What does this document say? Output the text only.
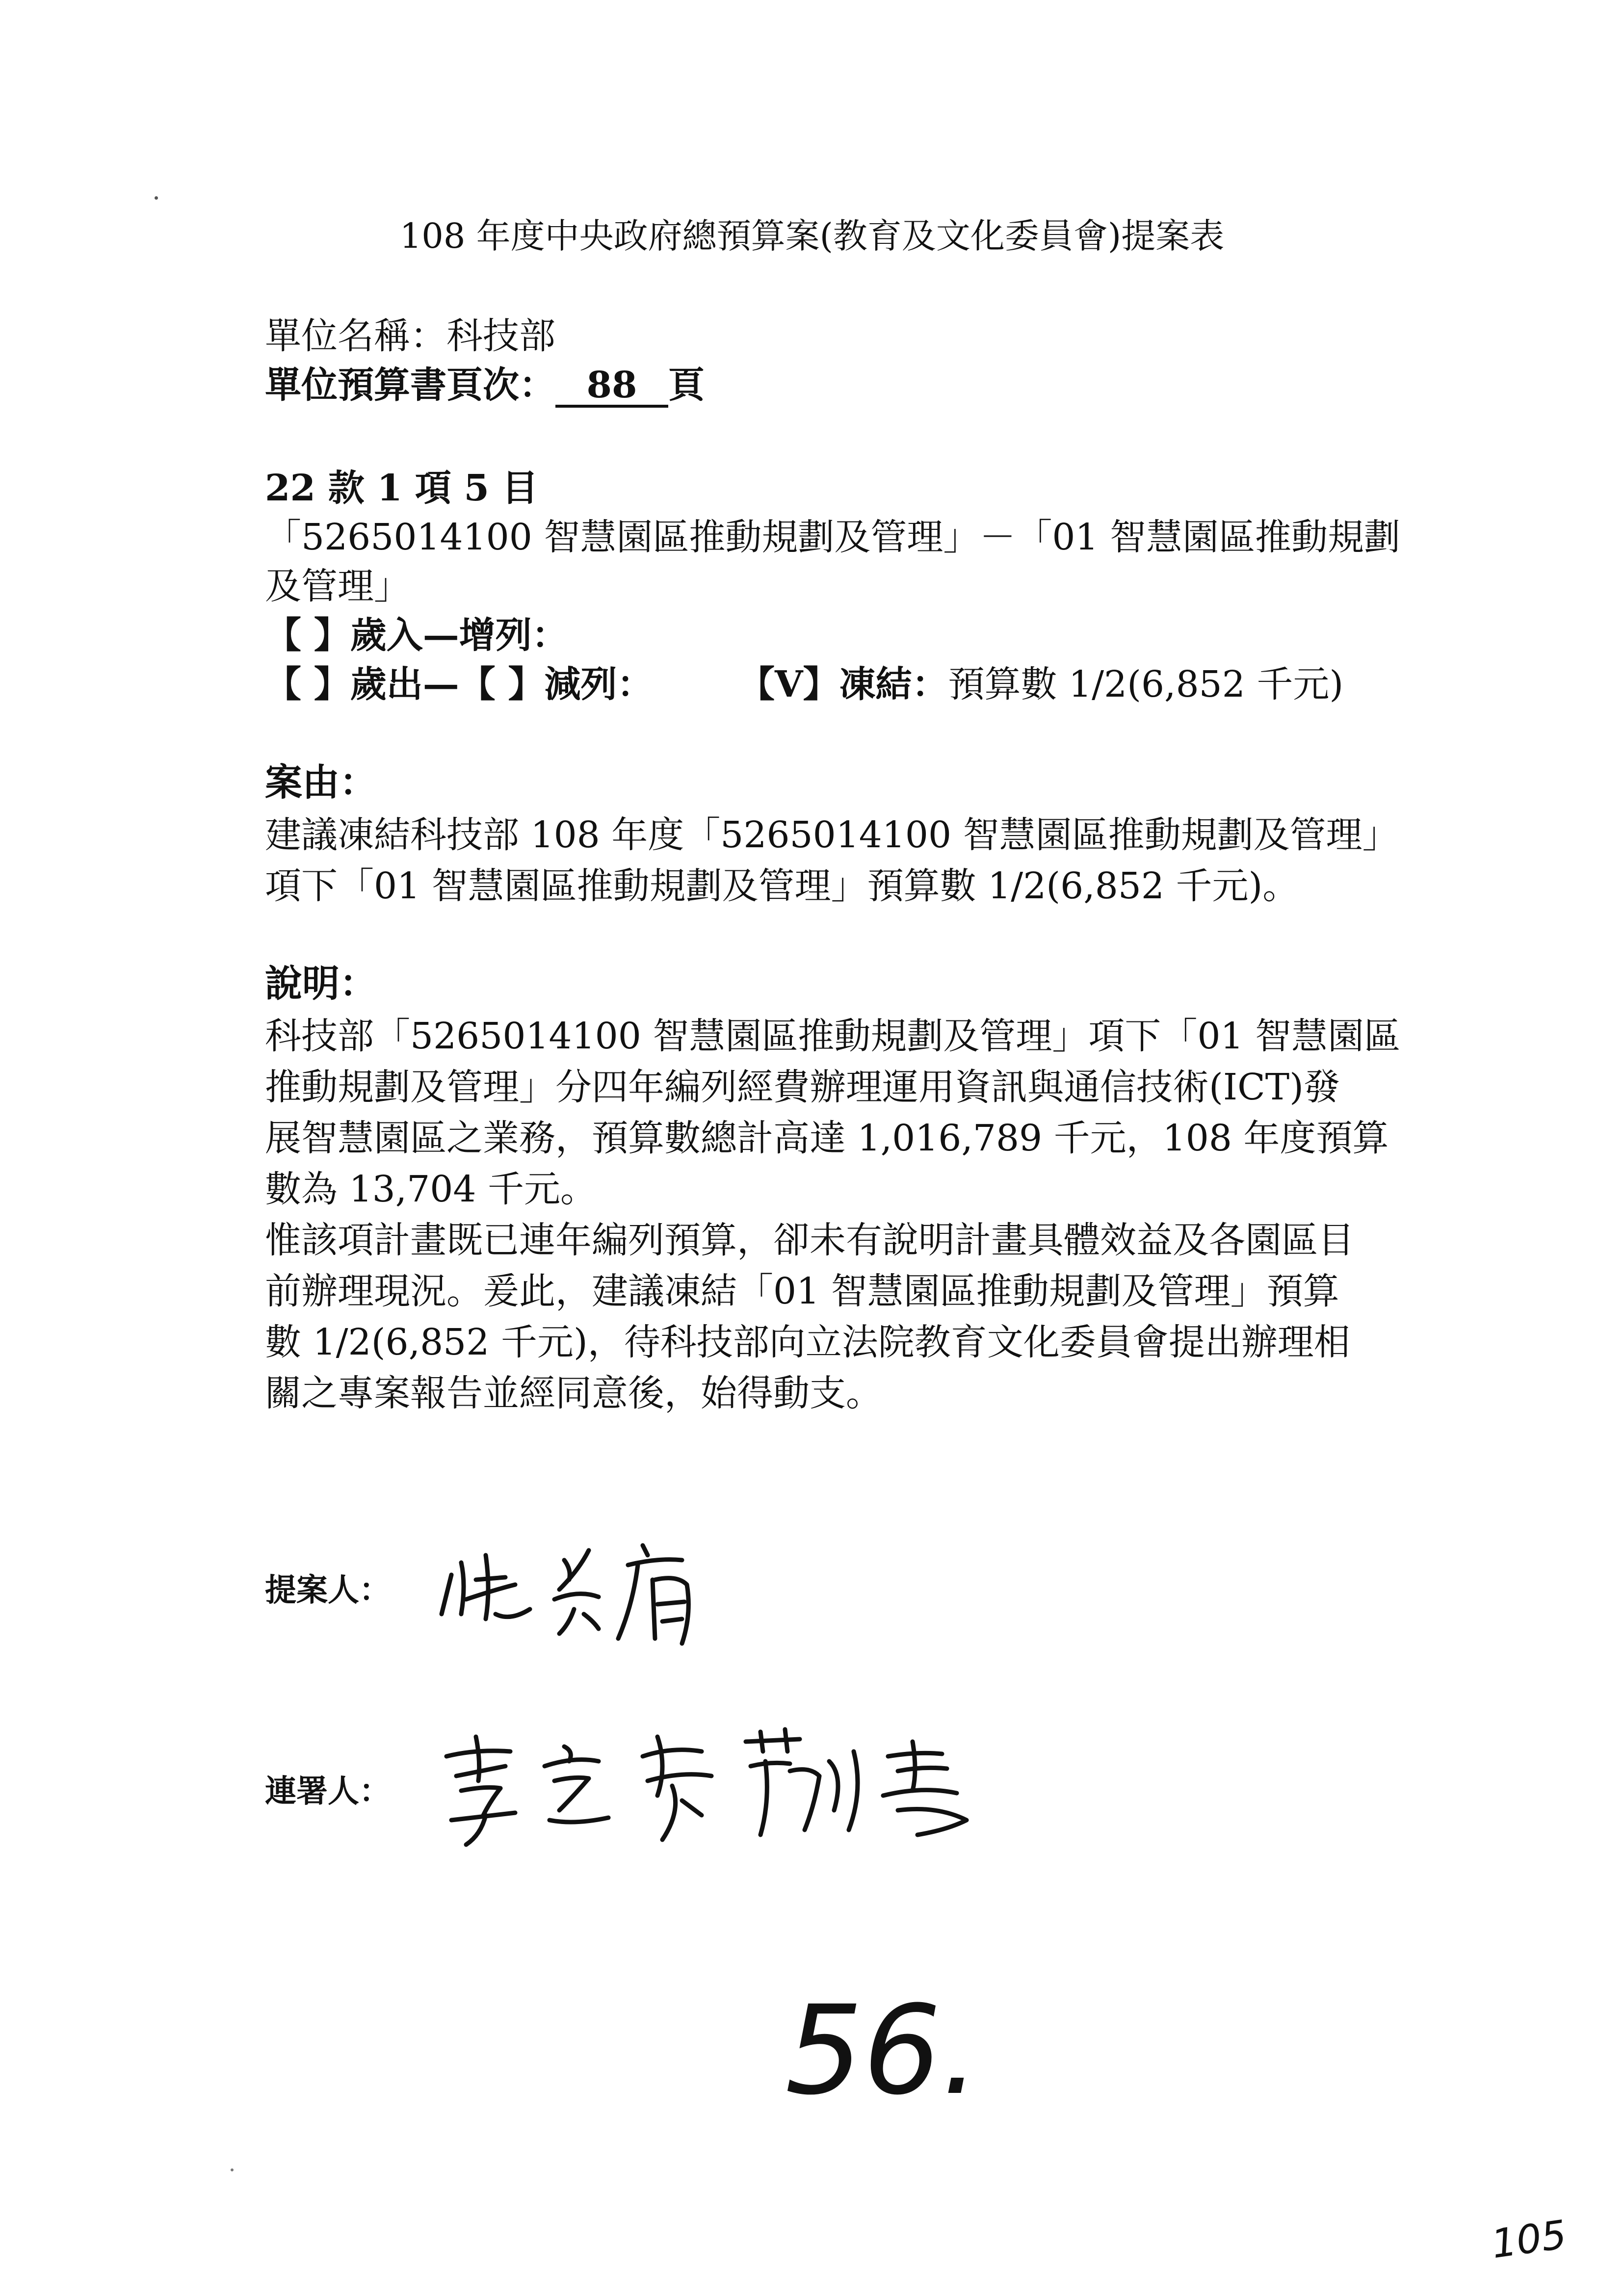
108 年度中央政府總預算案(教育及文化委員會)提案表
單位名稱：科技部
單位預算書頁次： 88 頁
22 款 1 項 5 目
「5265014100 智慧園區推動規劃及管理」－「01 智慧園區推動規劃
及管理」
【 】歲入—增列：
【 】歲出—【 】減列： 【V】凍結：預算數 1/2(6,852 千元)
案由：
建議凍結科技部 108 年度「5265014100 智慧園區推動規劃及管理」
項下「01 智慧園區推動規劃及管理」預算數 1/2(6,852 千元)。
說明：
科技部「5265014100 智慧園區推動規劃及管理」項下「01 智慧園區
推動規劃及管理」分四年編列經費辦理運用資訊與通信技術(ICT)發
展智慧園區之業務，預算數總計高達 1,016,789 千元，108 年度預算
數為 13,704 千元。
惟該項計畫既已連年編列預算，卻未有說明計畫具體效益及各園區目
前辦理現況。爰此，建議凍結「01 智慧園區推動規劃及管理」預算
數 1/2(6,852 千元)，待科技部向立法院教育文化委員會提出辦理相
關之專案報告並經同意後，始得動支。
提案人：
連署人：
56.
105
